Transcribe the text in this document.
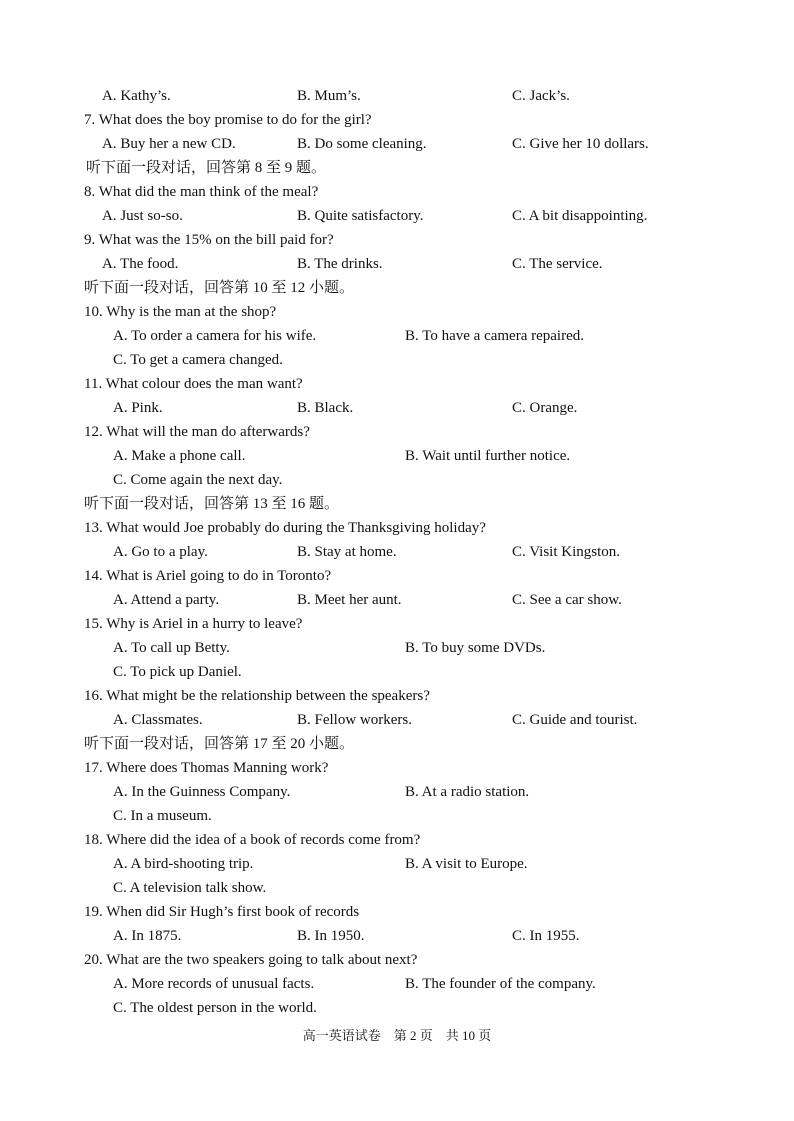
A. Kathy’s.	B. Mum’s.	C. Jack’s.
7. What does the boy promise to do for the girl?
A. Buy her a new CD.	B. Do some cleaning.	C. Give her 10 dollars.
听下面一段对话，回答第 8 至 9 题。
8. What did the man think of the meal?
A. Just so-so.	B. Quite satisfactory.	C. A bit disappointing.
9. What was the 15% on the bill paid for?
A. The food.	B. The drinks.	C. The service.
听下面一段对话，回答第 10 至 12 小题。
10. Why is the man at the shop?
A. To order a camera for his wife.	B. To have a camera repaired.
C. To get a camera changed.
11. What colour does the man want?
A. Pink.	B. Black.	C. Orange.
12. What will the man do afterwards?
A. Make a phone call.	B. Wait until further notice.
C. Come again the next day.
听下面一段对话，回答第 13 至 16 题。
13. What would Joe probably do during the Thanksgiving holiday?
A. Go to a play.	B. Stay at home.	C. Visit Kingston.
14. What is Ariel going to do in Toronto?
A. Attend a party.	B. Meet her aunt.	C. See a car show.
15. Why is Ariel in a hurry to leave?
A. To call up Betty.	B. To buy some DVDs.
C. To pick up Daniel.
16. What might be the relationship between the speakers?
A. Classmates.	B. Fellow workers.	C. Guide and tourist.
听下面一段对话，回答第 17 至 20 小题。
17. Where does Thomas Manning work?
A. In the Guinness Company.	B. At a radio station.
C. In a museum.
18. Where did the idea of a book of records come from?
A. A bird-shooting trip.	B. A visit to Europe.
C. A television talk show.
19. When did Sir Hugh’s first book of records
A. In 1875.	B. In 1950.	C. In 1955.
20. What are the two speakers going to talk about next?
A. More records of unusual facts.	B. The founder of the company.
C. The oldest person in the world.
高一英语试卷　第 2 页　共 10 页
